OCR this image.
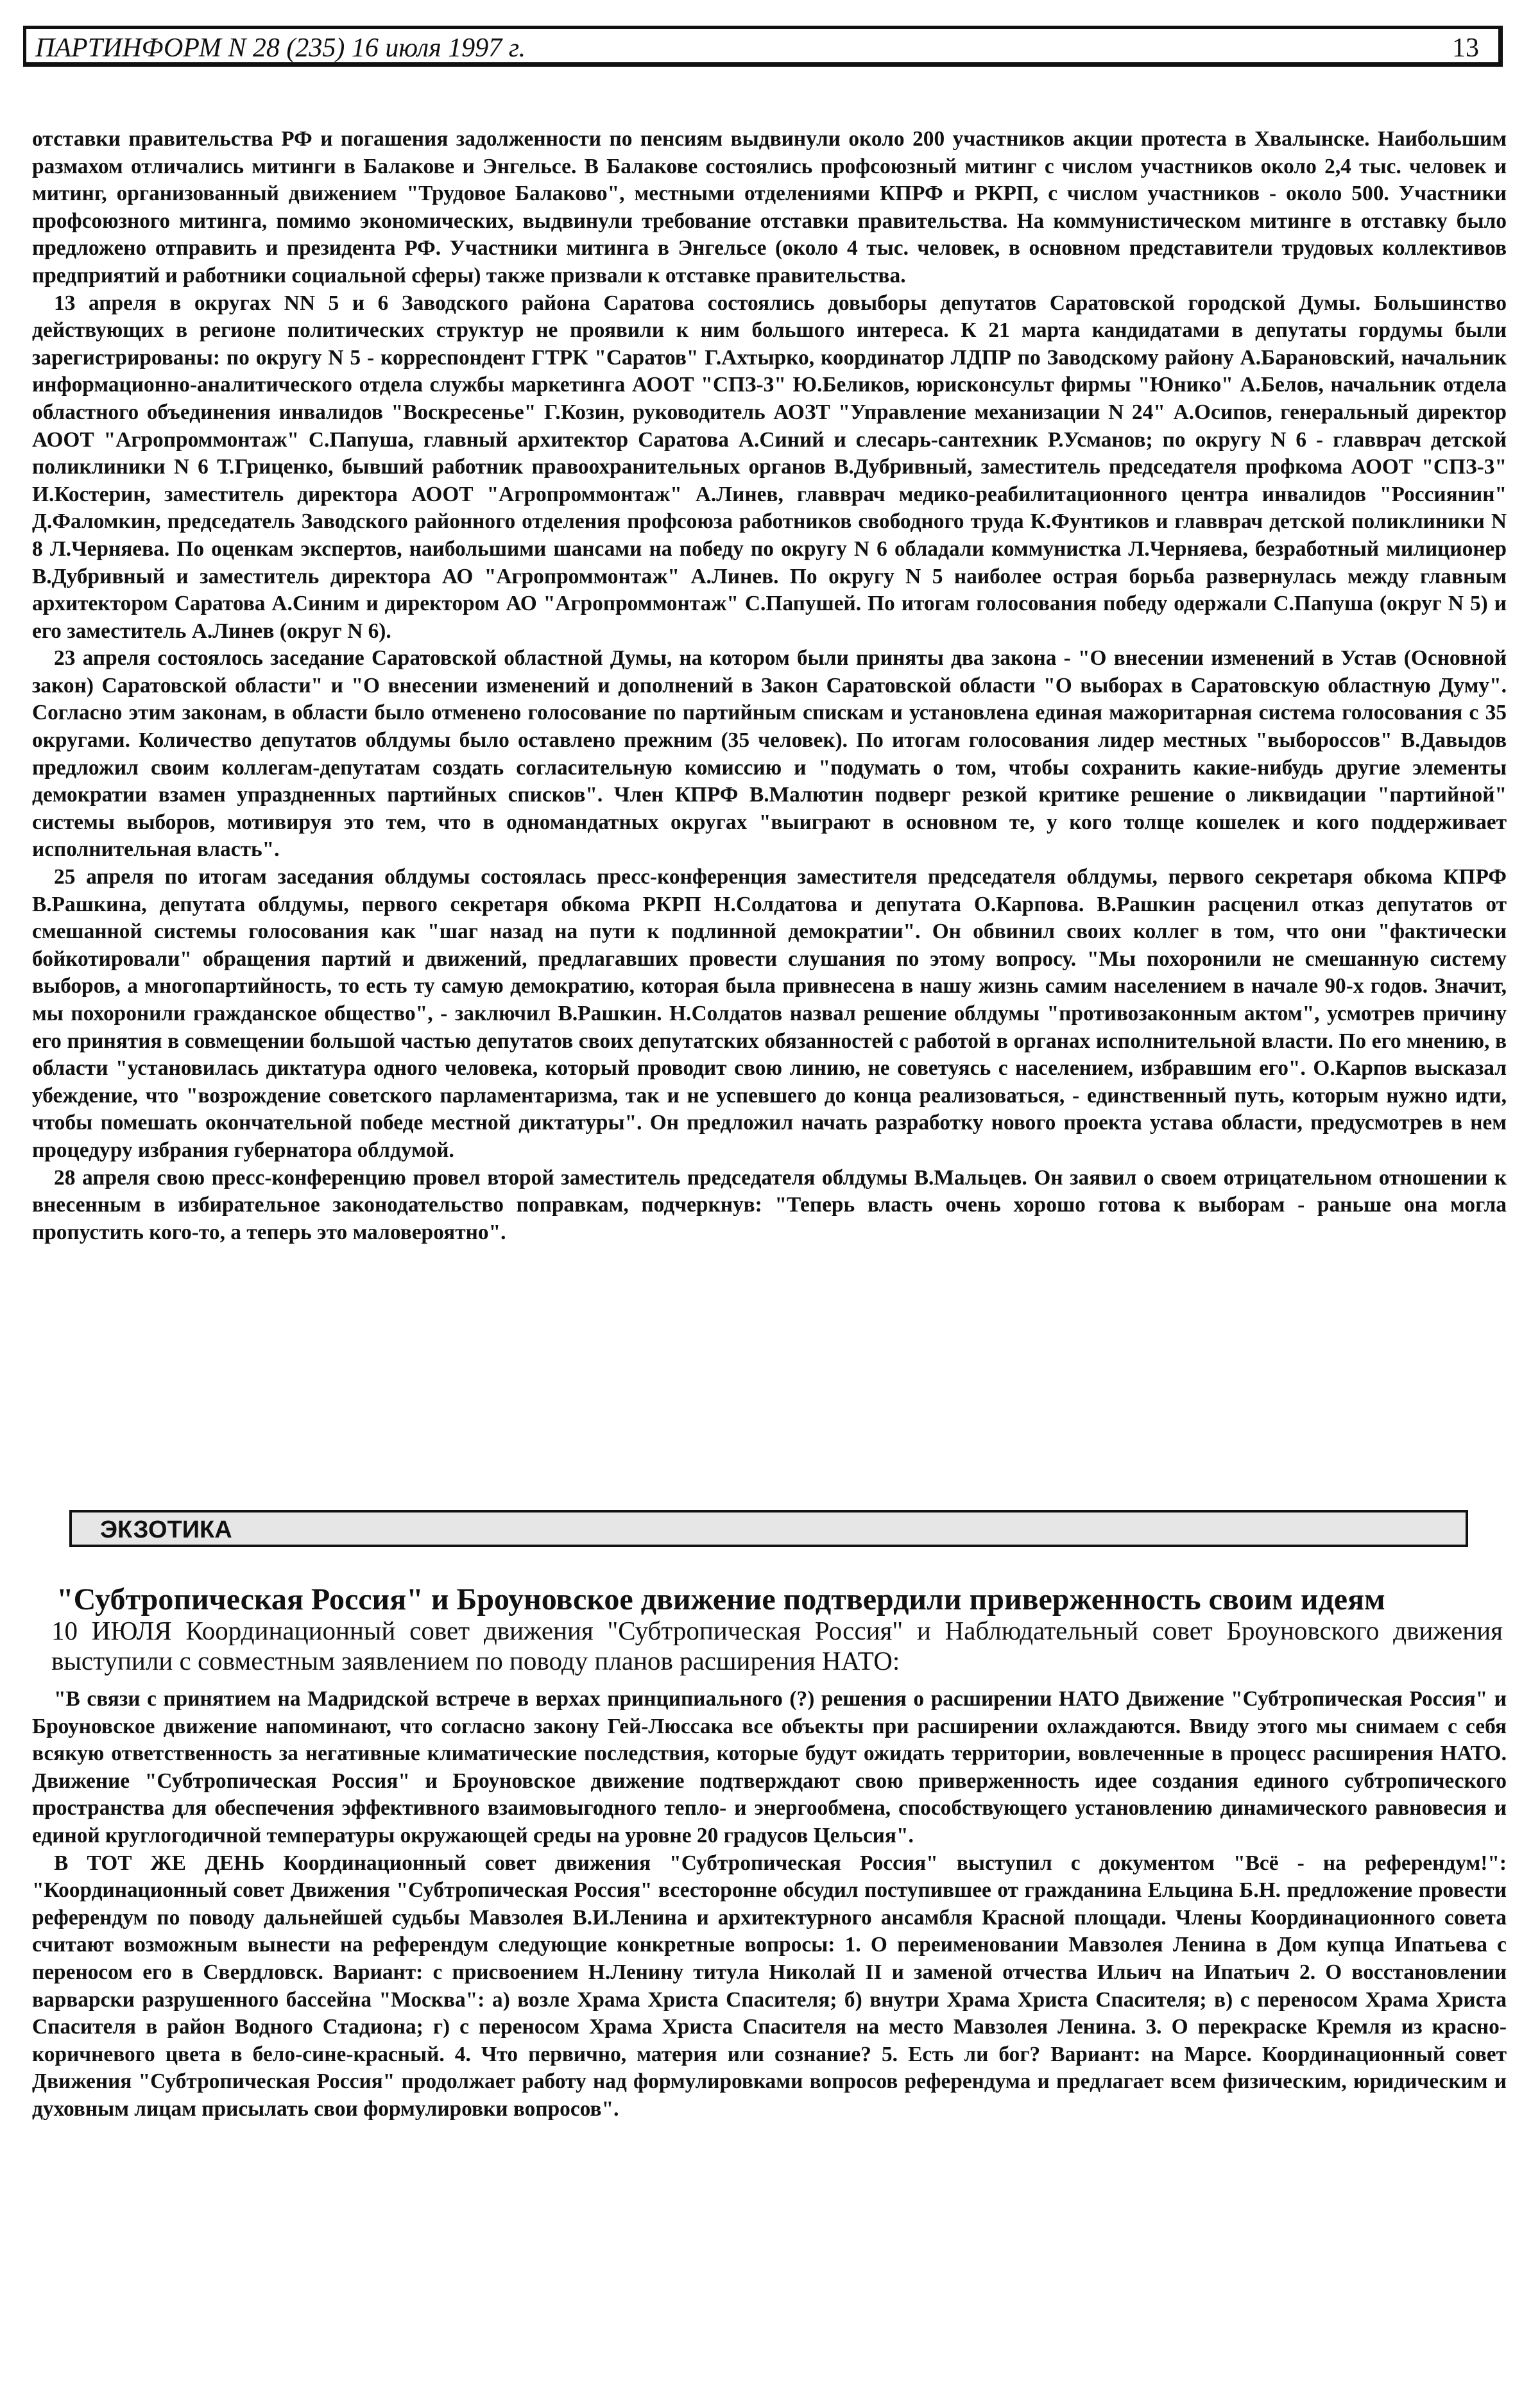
ПАРТИНФОРМ N 28 (235) 16 июля 1997 г.	13

отставки правительства РФ и погашения задолженности по пенсиям выдвинули около 200 участников акции протеста в Хвалынске. Наибольшим размахом отличались митинги в Балакове и Энгельсе. В Балакове состоялись профсоюзный митинг с числом участников около 2,4 тыс. человек и митинг, организованный движением "Трудовое Балаково", местными отделениями КПРФ и РКРП, с числом участников - около 500. Участники профсоюзного митинга, помимо экономических, выдвинули требование отставки правительства. На коммунистическом митинге в отставку было предложено отправить и президента РФ. Участники митинга в Энгельсе (около 4 тыс. человек, в основном представители трудовых коллективов предприятий и работники социальной сферы) также призвали к отставке правительства.

13 апреля в округах NN 5 и 6 Заводского района Саратова состоялись довыборы депутатов Саратовской городской Думы. Большинство действующих в регионе политических структур не проявили к ним большого интереса. К 21 марта кандидатами в депутаты гордумы были зарегистрированы: по округу N 5 - корреспондент ГТРК "Саратов" Г.Ахтырко, координатор ЛДПР по Заводскому району А.Барановский, начальник информационно-аналитического отдела службы маркетинга АООТ "СПЗ-3" Ю.Беликов, юрисконсульт фирмы "Юнико" А.Белов, начальник отдела областного объединения инвалидов "Воскресенье" Г.Козин, руководитель АОЗТ "Управление механизации N 24" А.Осипов, генеральный директор АООТ "Агропроммонтаж" С.Папуша, главный архитектор Саратова А.Синий и слесарь-сантехник Р.Усманов; по округу N 6 - главврач детской поликлиники N 6 Т.Гриценко, бывший работник правоохранительных органов В.Дубривный, заместитель председателя профкома АООТ "СПЗ-3" И.Костерин, заместитель директора АООТ "Агропроммонтаж" А.Линев, главврач медико-реабилитационного центра инвалидов "Россиянин" Д.Фаломкин, председатель Заводского районного отделения профсоюза работников свободного труда К.Фунтиков и главврач детской поликлиники N 8 Л.Черняева. По оценкам экспертов, наибольшими шансами на победу по округу N 6 обладали коммунистка Л.Черняева, безработный милиционер В.Дубривный и заместитель директора АО "Агропроммонтаж" А.Линев. По округу N 5 наиболее острая борьба развернулась между главным архитектором Саратова А.Синим и директором АО "Агропроммонтаж" С.Папушей. По итогам голосования победу одержали С.Папуша (округ N 5) и его заместитель А.Линев (округ N 6).

23 апреля состоялось заседание Саратовской областной Думы, на котором были приняты два закона - "О внесении изменений в Устав (Основной закон) Саратовской области" и "О внесении изменений и дополнений в Закон Саратовской области "О выборах в Саратовскую областную Думу". Согласно этим законам, в области было отменено голосование по партийным спискам и установлена единая мажоритарная система голосования с 35 округами. Количество депутатов облдумы было оставлено прежним (35 человек). По итогам голосования лидер местных "выбороссов" В.Давыдов предложил своим коллегам-депутатам создать согласительную комиссию и "подумать о том, чтобы сохранить какие-нибудь другие элементы демократии взамен упраздненных партийных списков". Член КПРФ В.Малютин подверг резкой критике решение о ликвидации "партийной" системы выборов, мотивируя это тем, что в одномандатных округах "выиграют в основном те, у кого толще кошелек и кого поддерживает исполнительная власть".

25 апреля по итогам заседания облдумы состоялась пресс-конференция заместителя председателя облдумы, первого секретаря обкома КПРФ В.Рашкина, депутата облдумы, первого секретаря обкома РКРП Н.Солдатова и депутата О.Карпова. В.Рашкин расценил отказ депутатов от смешанной системы голосования как "шаг назад на пути к подлинной демократии". Он обвинил своих коллег в том, что они "фактически бойкотировали" обращения партий и движений, предлагавших провести слушания по этому вопросу. "Мы похоронили не смешанную систему выборов, а многопартийность, то есть ту самую демократию, которая была привнесена в нашу жизнь самим населением в начале 90-х годов. Значит, мы похоронили гражданское общество", - заключил В.Рашкин. Н.Солдатов назвал решение облдумы "противозаконным актом", усмотрев причину его принятия в совмещении большой частью депутатов своих депутатских обязанностей с работой в органах исполнительной власти. По его мнению, в области "установилась диктатура одного человека, который проводит свою линию, не советуясь с населением, избравшим его". О.Карпов высказал убеждение, что "возрождение советского парламентаризма, так и не успевшего до конца реализоваться, - единственный путь, которым нужно идти, чтобы помешать окончательной победе местной диктатуры". Он предложил начать разработку нового проекта устава области, предусмотрев в нем процедуру избрания губернатора облдумой.

28 апреля свою пресс-конференцию провел второй заместитель председателя облдумы В.Мальцев. Он заявил о своем отрицательном отношении к внесенным в избирательное законодательство поправкам, подчеркнув: "Теперь власть очень хорошо готова к выборам - раньше она могла пропустить кого-то, а теперь это маловероятно".

ЭКЗОТИКА
"Субтропическая Россия" и Броуновское движение подтвердили приверженность своим идеям
10 ИЮЛЯ Координационный совет движения "Субтропическая Россия" и Наблюдательный совет Броуновского движения выступили с совместным заявлением по поводу планов расширения НАТО:

"В связи с принятием на Мадридской встрече в верхах принципиального (?) решения о расширении НАТО Движение "Субтропическая Россия" и Броуновское движение напоминают, что согласно закону Гей-Люссака все объекты при расширении охлаждаются. Ввиду этого мы снимаем с себя всякую ответственность за негативные климатические последствия, которые будут ожидать территории, вовлеченные в процесс расширения НАТО. Движение "Субтропическая Россия" и Броуновское движение подтверждают свою приверженность идее создания единого субтропического пространства для обеспечения эффективного взаимовыгодного тепло- и энергообмена, способствующего установлению динамического равновесия и единой круглогодичной температуры окружающей среды на уровне 20 градусов Цельсия".

В ТОТ ЖЕ ДЕНЬ Координационный совет движения "Субтропическая Россия" выступил с документом "Всё - на референдум!": "Координационный совет Движения "Субтропическая Россия" всесторонне обсудил поступившее от гражданина Ельцина Б.Н. предложение провести референдум по поводу дальнейшей судьбы Мавзолея В.И.Ленина и архитектурного ансамбля Красной площади. Члены Координационного совета считают возможным вынести на референдум следующие конкретные вопросы: 1. О переименовании Мавзолея Ленина в Дом купца Ипатьева с переносом его в Свердловск. Вариант: с присвоением Н.Ленину титула Николай II и заменой отчества Ильич на Ипатьич 2. О восстановлении варварски разрушенного бассейна "Москва": а) возле Храма Христа Спасителя; б) внутри Храма Христа Спасителя; в) с переносом Храма Христа Спасителя в район Водного Стадиона; г) с переносом Храма Христа Спасителя на место Мавзолея Ленина. 3. О перекраске Кремля из красно-коричневого цвета в бело-сине-красный. 4. Что первично, материя или сознание? 5. Есть ли бог? Вариант: на Марсе. Координационный совет Движения "Субтропическая Россия" продолжает работу над формулировками вопросов референдума и предлагает всем физическим, юридическим и духовным лицам присылать свои формулировки вопросов".
